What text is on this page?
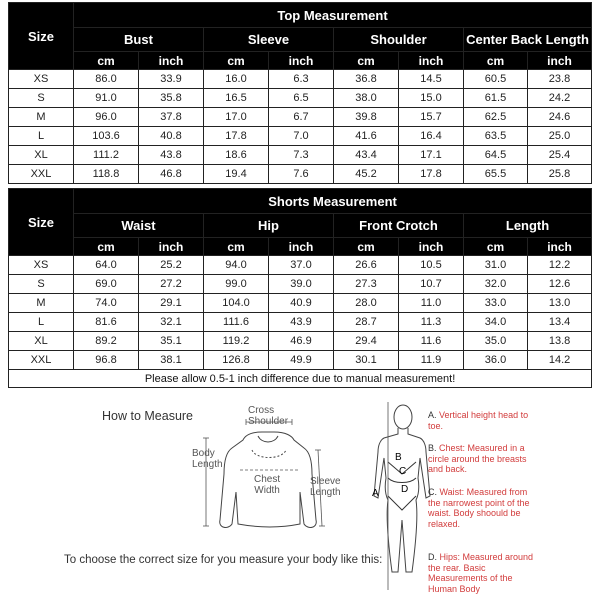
Size	Top Measurement							
	Bust		Sleeve		Shoulder		Center Back Length	
	cm	inch	cm	inch	cm	inch	cm	inch
XS	86.0	33.9	16.0	6.3	36.8	14.5	60.5	23.8
S	91.0	35.8	16.5	6.5	38.0	15.0	61.5	24.2
M	96.0	37.8	17.0	6.7	39.8	15.7	62.5	24.6
L	103.6	40.8	17.8	7.0	41.6	16.4	63.5	25.0
XL	111.2	43.8	18.6	7.3	43.4	17.1	64.5	25.4
XXL	118.8	46.8	19.4	7.6	45.2	17.8	65.5	25.8
Size	Shorts Measurement							
	Waist		Hip		Front Crotch		Length	
	cm	inch	cm	inch	cm	inch	cm	inch
XS	64.0	25.2	94.0	37.0	26.6	10.5	31.0	12.2
S	69.0	27.2	99.0	39.0	27.3	10.7	32.0	12.6
M	74.0	29.1	104.0	40.9	28.0	11.0	33.0	13.0
L	81.6	32.1	111.6	43.9	28.7	11.3	34.0	13.4
XL	89.2	35.1	119.2	46.9	29.4	11.6	35.0	13.8
XXL	96.8	38.1	126.8	49.9	30.1	11.9	36.0	14.2
Please allow 0.5-1 inch difference due to manual measurement!								
How to Measure	Cross
Shoulder
Body
Length
Chest
Width
Sleeve
Length	A
B
C
D
A. Vertical height head to toe.
B. Chest: Measured in a circle around the breasts and back.
C. Waist: Measured from the narrowest point of the waist. Body shoould be relaxed.
D. Hips: Measured around the rear. Basic Measurements of the Human Body
To choose the correct size for you measure your body like this:
